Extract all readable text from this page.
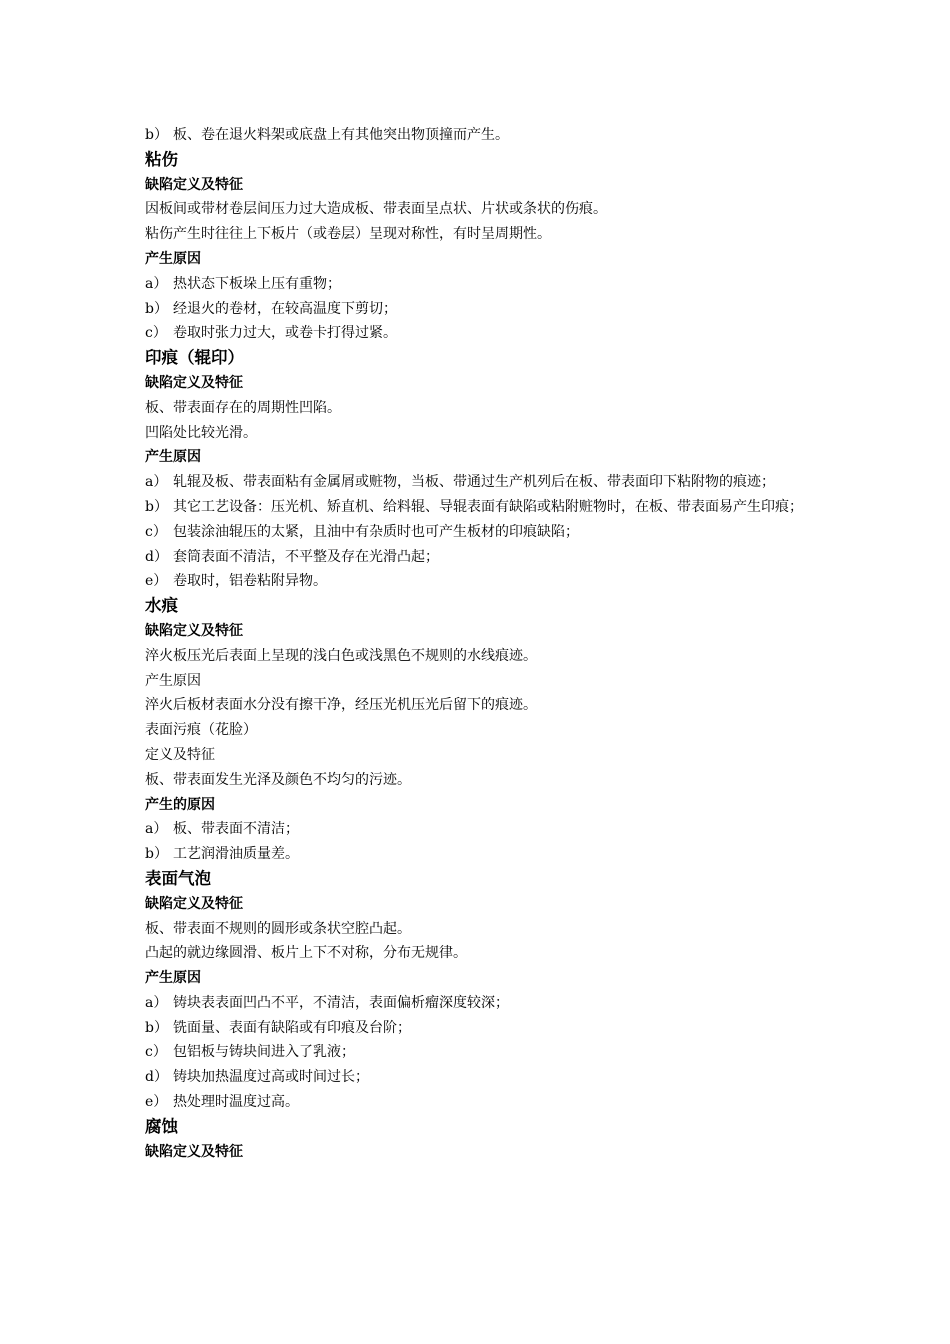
b） 板、卷在退火料架或底盘上有其他突出物顶撞而产生。
粘伤
缺陷定义及特征
因板间或带材卷层间压力过大造成板、带表面呈点状、片状或条状的伤痕。
粘伤产生时往往上下板片（或卷层）呈现对称性，有时呈周期性。
产生原因
a） 热状态下板垛上压有重物；
b） 经退火的卷材，在较高温度下剪切；
c） 卷取时张力过大，或卷卡打得过紧。
印痕（辊印）
缺陷定义及特征
板、带表面存在的周期性凹陷。
凹陷处比较光滑。
产生原因
a） 轧辊及板、带表面粘有金属屑或赃物，当板、带通过生产机列后在板、带表面印下粘附物的痕迹；
b） 其它工艺设备：压光机、矫直机、给料辊、导辊表面有缺陷或粘附赃物时，在板、带表面易产生印痕；
c） 包装涂油辊压的太紧，且油中有杂质时也可产生板材的印痕缺陷；
d） 套筒表面不清洁，不平整及存在光滑凸起；
e） 卷取时，铝卷粘附异物。
水痕
缺陷定义及特征
淬火板压光后表面上呈现的浅白色或浅黑色不规则的水线痕迹。
产生原因
淬火后板材表面水分没有擦干净，经压光机压光后留下的痕迹。
表面污痕（花脸）
定义及特征
板、带表面发生光泽及颜色不均匀的污迹。
产生的原因
a） 板、带表面不清洁；
b） 工艺润滑油质量差。
表面气泡
缺陷定义及特征
板、带表面不规则的圆形或条状空腔凸起。
凸起的就边缘圆滑、板片上下不对称，分布无规律。
产生原因
a） 铸块表表面凹凸不平，不清洁，表面偏析瘤深度较深；
b） 铣面量、表面有缺陷或有印痕及台阶；
c） 包铝板与铸块间进入了乳液；
d） 铸块加热温度过高或时间过长；
e） 热处理时温度过高。
腐蚀
缺陷定义及特征
